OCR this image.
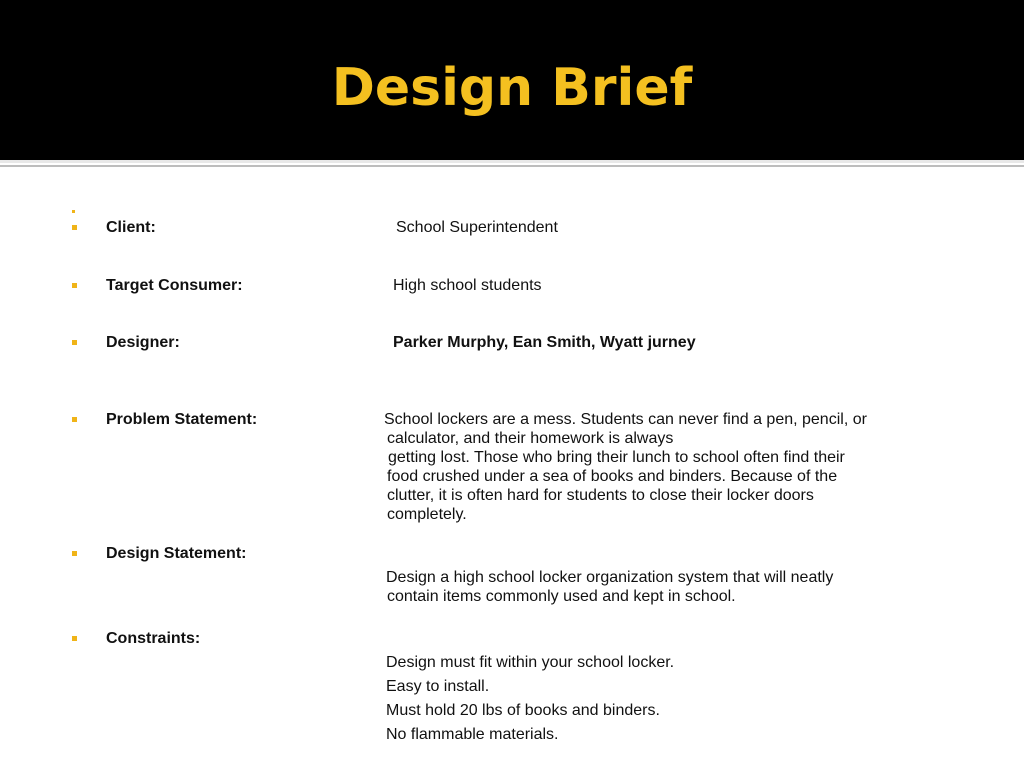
Design Brief
Client:	School Superintendent
Target Consumer:	High school students
Designer:	Parker Murphy, Ean Smith, Wyatt jurney
Problem Statement:	School lockers are a mess. Students can never find a pen, pencil, or
calculator, and their homework is always
getting lost. Those who bring their lunch to school often find their
food crushed under a sea of books and binders. Because of the
clutter, it is often hard for students to close their locker doors
completely.
Design Statement:
Design a high school locker organization system that will neatly
contain items commonly used and kept in school.
Constraints:
Design must fit within your school locker.
Easy to install.
Must hold 20 lbs of books and binders.
No flammable materials.
